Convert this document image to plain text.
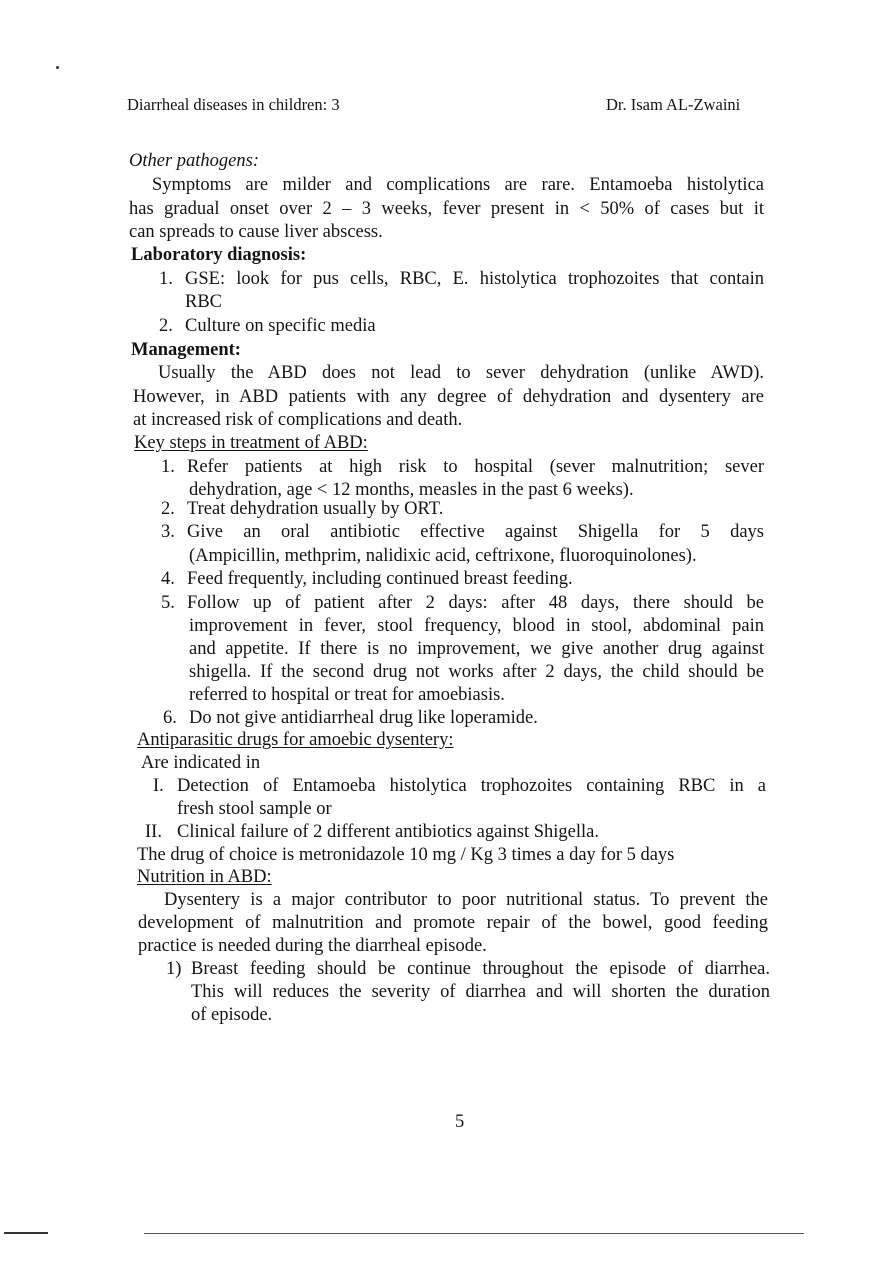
Diarrheal diseases in children: 3	Dr. Isam AL-Zwaini

Other pathogens:

Symptoms are milder and complications are rare. Entamoeba histolytica

has gradual onset over 2 – 3 weeks, fever present in < 50% of cases but it

can spreads to cause liver abscess.

Laboratory diagnosis:

1. GSE: look for pus cells, RBC, E. histolytica trophozoites that contain

RBC

2. Culture on specific media

Management:

Usually the ABD does not lead to sever dehydration (unlike AWD).

However, in ABD patients with any degree of dehydration and dysentery are

at increased risk of complications and death.

Key steps in treatment of ABD:

1. Refer patients at high risk to hospital (sever malnutrition; sever

dehydration, age < 12 months, measles in the past 6 weeks).

2. Treat dehydration usually by ORT.

3. Give an oral antibiotic effective against Shigella for 5 days

(Ampicillin, methprim, nalidixic acid, ceftrixone, fluoroquinolones).

4. Feed frequently, including continued breast feeding.

5. Follow up of patient after 2 days: after 48 days, there should be

improvement in fever, stool frequency, blood in stool, abdominal pain

and appetite. If there is no improvement, we give another drug against

shigella. If the second drug not works after 2 days, the child should be

referred to hospital or treat for amoebiasis.

6. Do not give antidiarrheal drug like loperamide.

Antiparasitic drugs for amoebic dysentery:

Are indicated in

I. Detection of Entamoeba histolytica trophozoites containing RBC in a

fresh stool sample or

II. Clinical failure of 2 different antibiotics against Shigella.

The drug of choice is metronidazole 10 mg / Kg 3 times a day for 5 days

Nutrition in ABD:

Dysentery is a major contributor to poor nutritional status. To prevent the

development of malnutrition and promote repair of the bowel, good feeding

practice is needed during the diarrheal episode.

1) Breast feeding should be continue throughout the episode of diarrhea.

This will reduces the severity of diarrhea and will shorten the duration

of episode.

5
